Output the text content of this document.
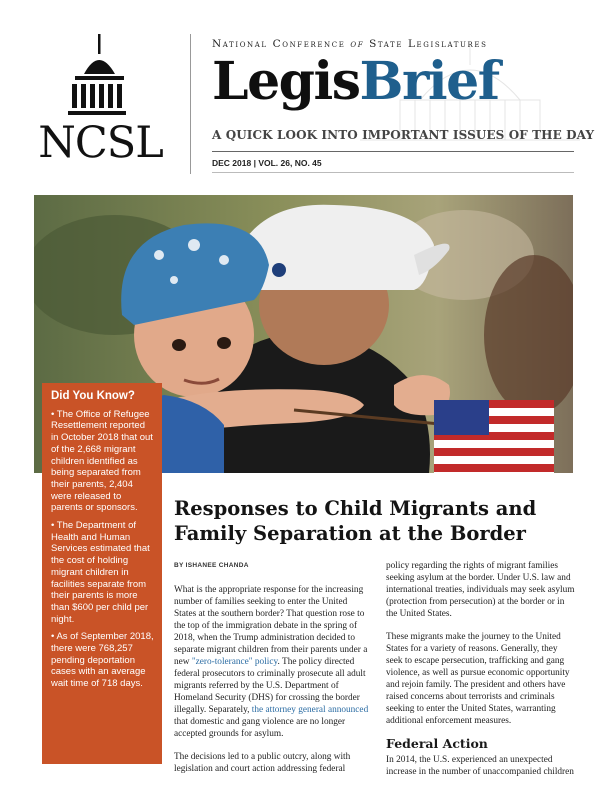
NCSL
National Conference of State Legislatures
LegisBrief
A QUICK LOOK INTO IMPORTANT ISSUES OF THE DAY
DEC 2018 | VOL. 26, NO. 45
Did You Know?
• The Office of Refugee Resettlement reported in October 2018 that out of the 2,668 migrant children identified as being separated from their parents, 2,404 were released to parents or sponsors.
• The Department of Health and Human Services estimated that the cost of holding migrant children in facilities separate from their parents is more than $600 per child per night.
• As of September 2018, there were 768,257 pending deportation cases with an average wait time of 718 days.
Responses to Child Migrants and Family Separation at the Border
BY ISHANEE CHANDA

What is the appropriate response for the increasing number of families seeking to enter the United States at the southern border? That question rose to the top of the immigration debate in the spring of 2018, when the Trump administration decided to separate migrant children from their parents under a new "zero-tolerance" policy. The policy directed federal prosecutors to criminally prosecute all adult migrants referred by the U.S. Department of Homeland Security (DHS) for crossing the border illegally. Separately, the attorney general announced that domestic and gang violence are no longer accepted grounds for asylum.

The decisions led to a public outcry, along with legislation and court action addressing federal

policy regarding the rights of migrant families seeking asylum at the border. Under U.S. law and international treaties, individuals may seek asylum (protection from persecution) at the border or in the United States.

These migrants make the journey to the United States for a variety of reasons. Generally, they seek to escape persecution, trafficking and gang violence, as well as pursue economic opportunity and rejoin family. The president and others have raised concerns about terrorists and criminals seeking to enter the United States, warranting additional enforcement measures.

Federal Action

In 2014, the U.S. experienced an unexpected increase in the number of unaccompanied children
